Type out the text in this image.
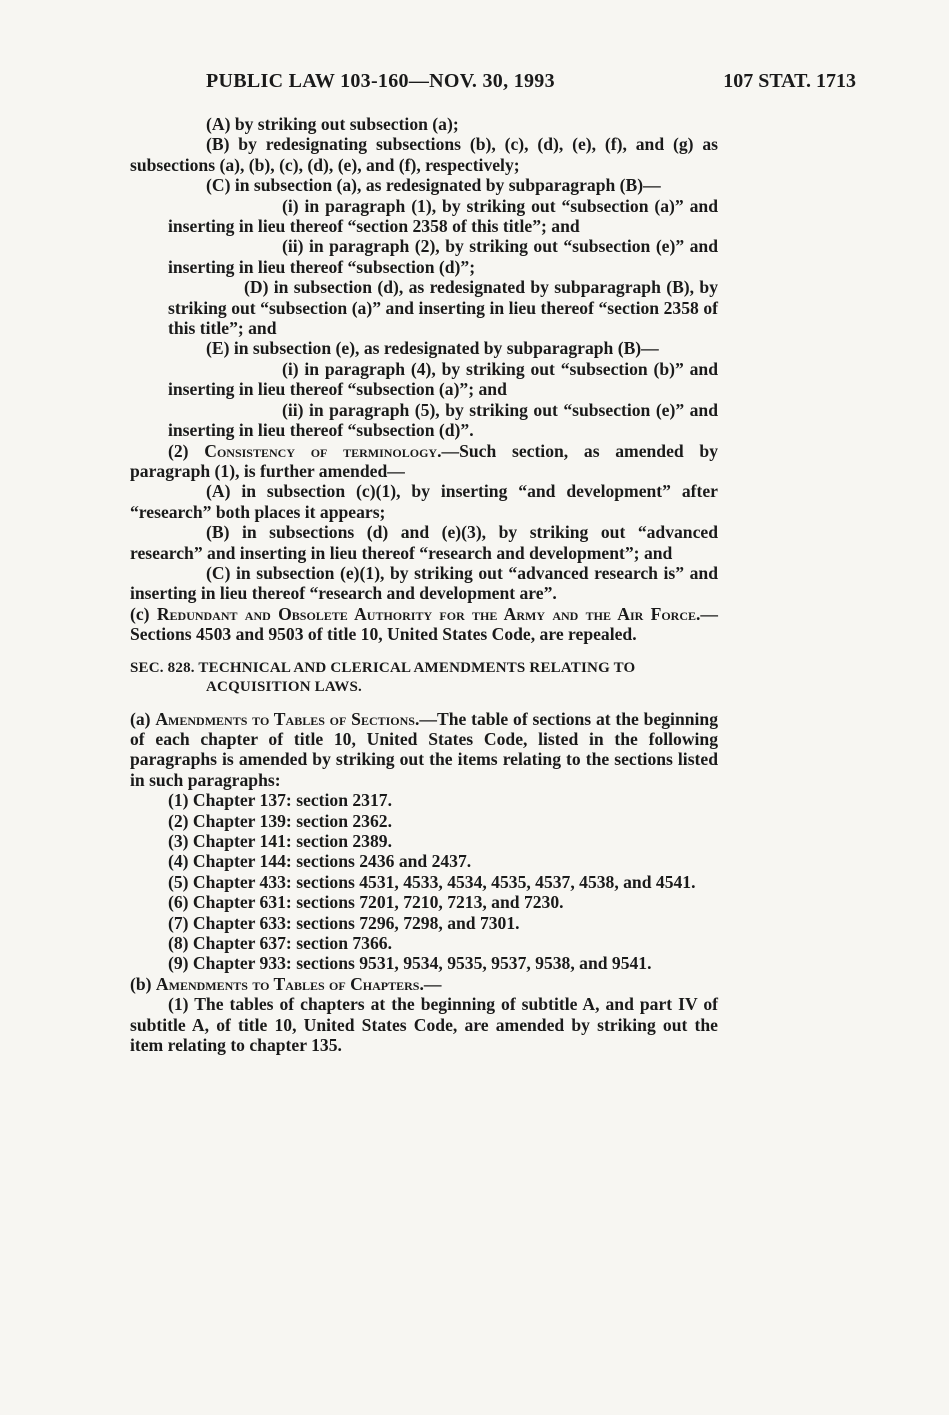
PUBLIC LAW 103-160—NOV. 30, 1993	107 STAT. 1713

(A) by striking out subsection (a);

(B) by redesignating subsections (b), (c), (d), (e), (f), and (g) as subsections (a), (b), (c), (d), (e), and (f), respectively;

(C) in subsection (a), as redesignated by subparagraph (B)—

(i) in paragraph (1), by striking out “subsection (a)” and inserting in lieu thereof “section 2358 of this title”; and

(ii) in paragraph (2), by striking out “subsection (e)” and inserting in lieu thereof “subsection (d)”;

(D) in subsection (d), as redesignated by subparagraph (B), by striking out “subsection (a)” and inserting in lieu thereof “section 2358 of this title”; and

(E) in subsection (e), as redesignated by subparagraph (B)—

(i) in paragraph (4), by striking out “subsection (b)” and inserting in lieu thereof “subsection (a)”; and

(ii) in paragraph (5), by striking out “subsection (e)” and inserting in lieu thereof “subsection (d)”.

(2) Consistency of terminology.—Such section, as amended by paragraph (1), is further amended—

(A) in subsection (c)(1), by inserting “and development” after “research” both places it appears;

(B) in subsections (d) and (e)(3), by striking out “advanced research” and inserting in lieu thereof “research and development”; and

(C) in subsection (e)(1), by striking out “advanced research is” and inserting in lieu thereof “research and development are”.

(c) Redundant and Obsolete Authority for the Army and the Air Force.—Sections 4503 and 9503 of title 10, United States Code, are repealed.

SEC. 828. TECHNICAL AND CLERICAL AMENDMENTS RELATING TO
ACQUISITION LAWS.

(a) Amendments to Tables of Sections.—The table of sections at the beginning of each chapter of title 10, United States Code, listed in the following paragraphs is amended by striking out the items relating to the sections listed in such paragraphs:

(1) Chapter 137: section 2317.

(2) Chapter 139: section 2362.

(3) Chapter 141: section 2389.

(4) Chapter 144: sections 2436 and 2437.

(5) Chapter 433: sections 4531, 4533, 4534, 4535, 4537, 4538, and 4541.

(6) Chapter 631: sections 7201, 7210, 7213, and 7230.

(7) Chapter 633: sections 7296, 7298, and 7301.

(8) Chapter 637: section 7366.

(9) Chapter 933: sections 9531, 9534, 9535, 9537, 9538, and 9541.

(b) Amendments to Tables of Chapters.—

(1) The tables of chapters at the beginning of subtitle A, and part IV of subtitle A, of title 10, United States Code, are amended by striking out the item relating to chapter 135.
